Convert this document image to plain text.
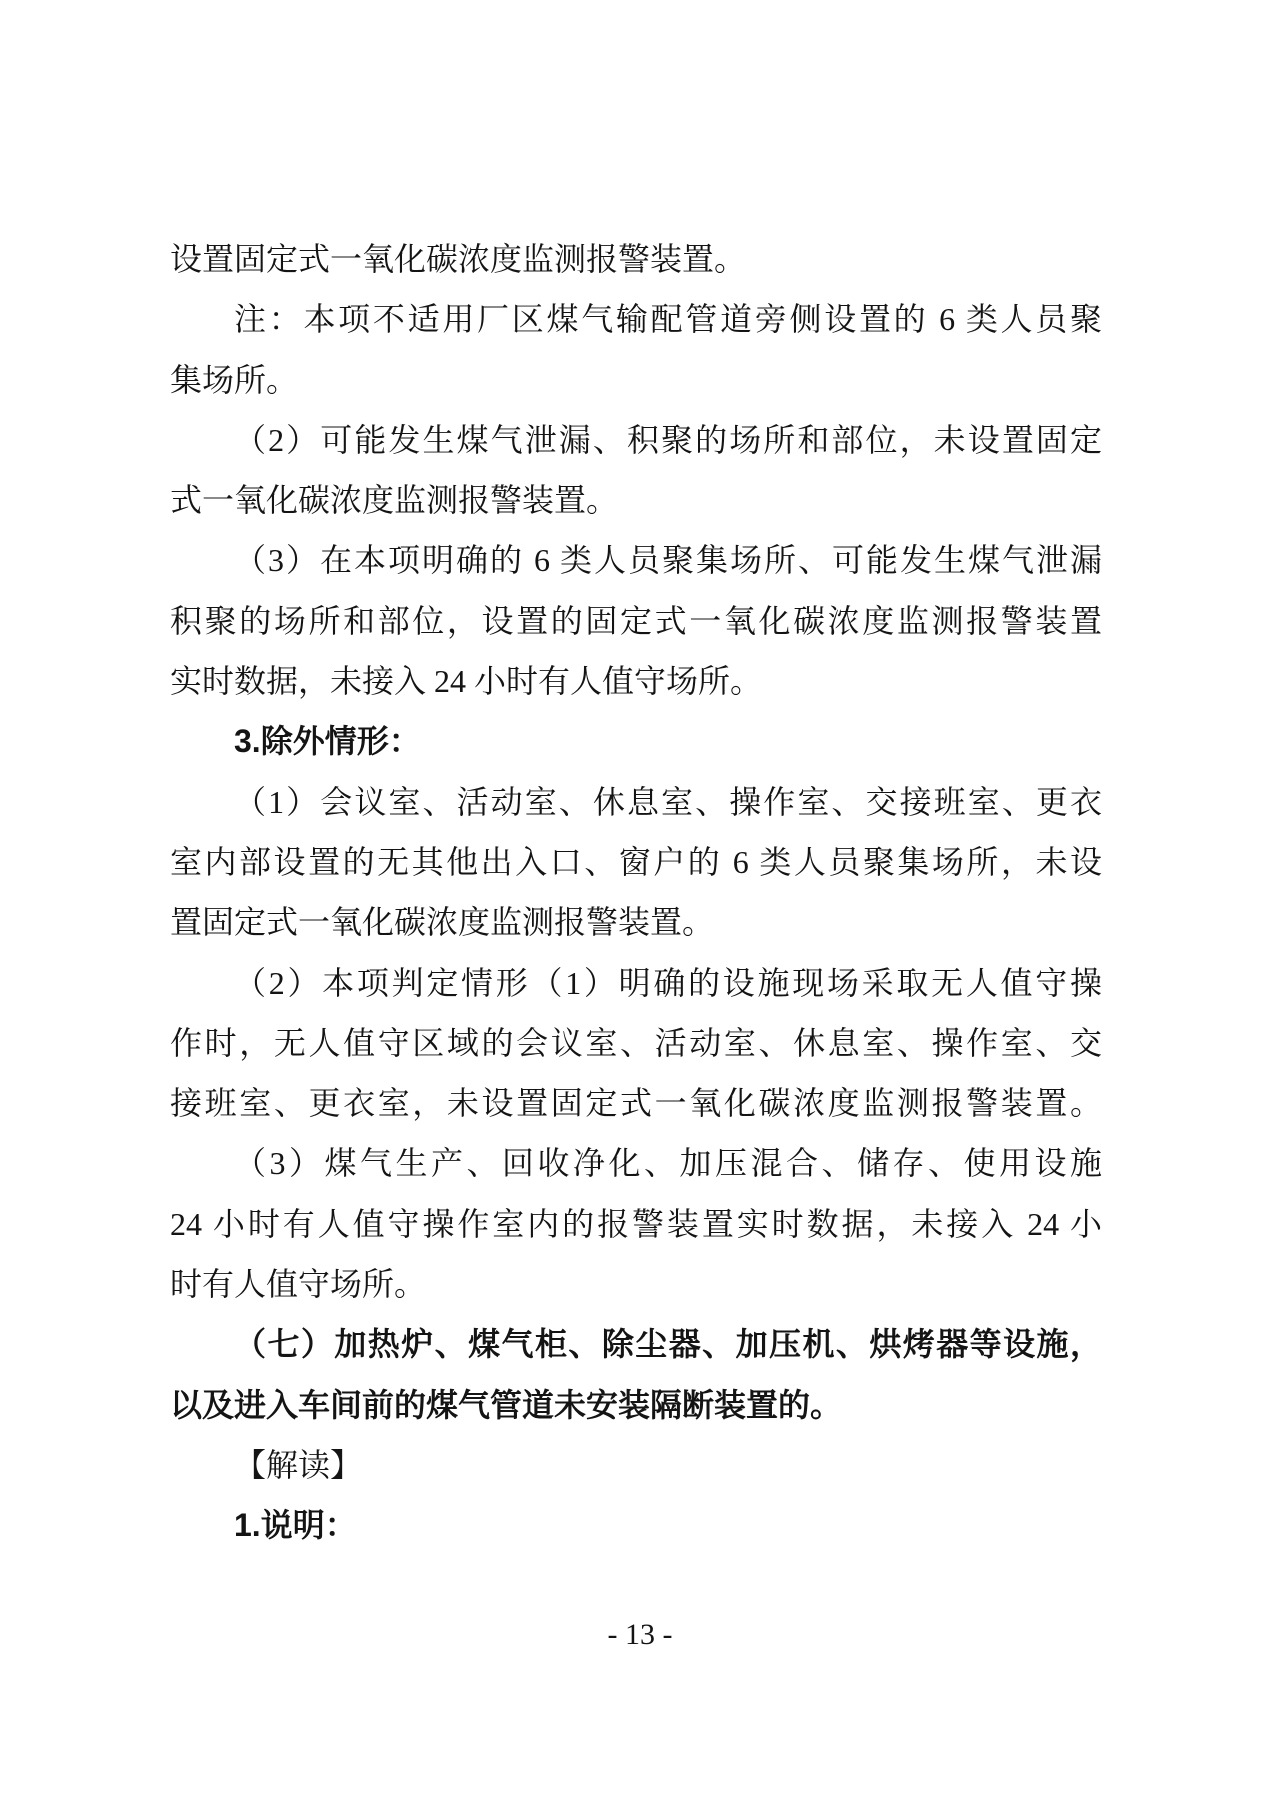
设置固定式一氧化碳浓度监测报警装置。
注：本项不适用厂区煤气输配管道旁侧设置的 6 类人员聚
集场所。
（2）可能发生煤气泄漏、积聚的场所和部位，未设置固定
式一氧化碳浓度监测报警装置。
（3）在本项明确的 6 类人员聚集场所、可能发生煤气泄漏
积聚的场所和部位，设置的固定式一氧化碳浓度监测报警装置
实时数据，未接入 24 小时有人值守场所。
3.除外情形：
（1）会议室、活动室、休息室、操作室、交接班室、更衣
室内部设置的无其他出入口、窗户的 6 类人员聚集场所，未设
置固定式一氧化碳浓度监测报警装置。
（2）本项判定情形（1）明确的设施现场采取无人值守操
作时，无人值守区域的会议室、活动室、休息室、操作室、交
接班室、更衣室，未设置固定式一氧化碳浓度监测报警装置。
（3）煤气生产、回收净化、加压混合、储存、使用设施
24 小时有人值守操作室内的报警装置实时数据，未接入 24 小
时有人值守场所。
（七）加热炉、煤气柜、除尘器、加压机、烘烤器等设施，
以及进入车间前的煤气管道未安装隔断装置的。
【解读】
1.说明：
- 13 -
